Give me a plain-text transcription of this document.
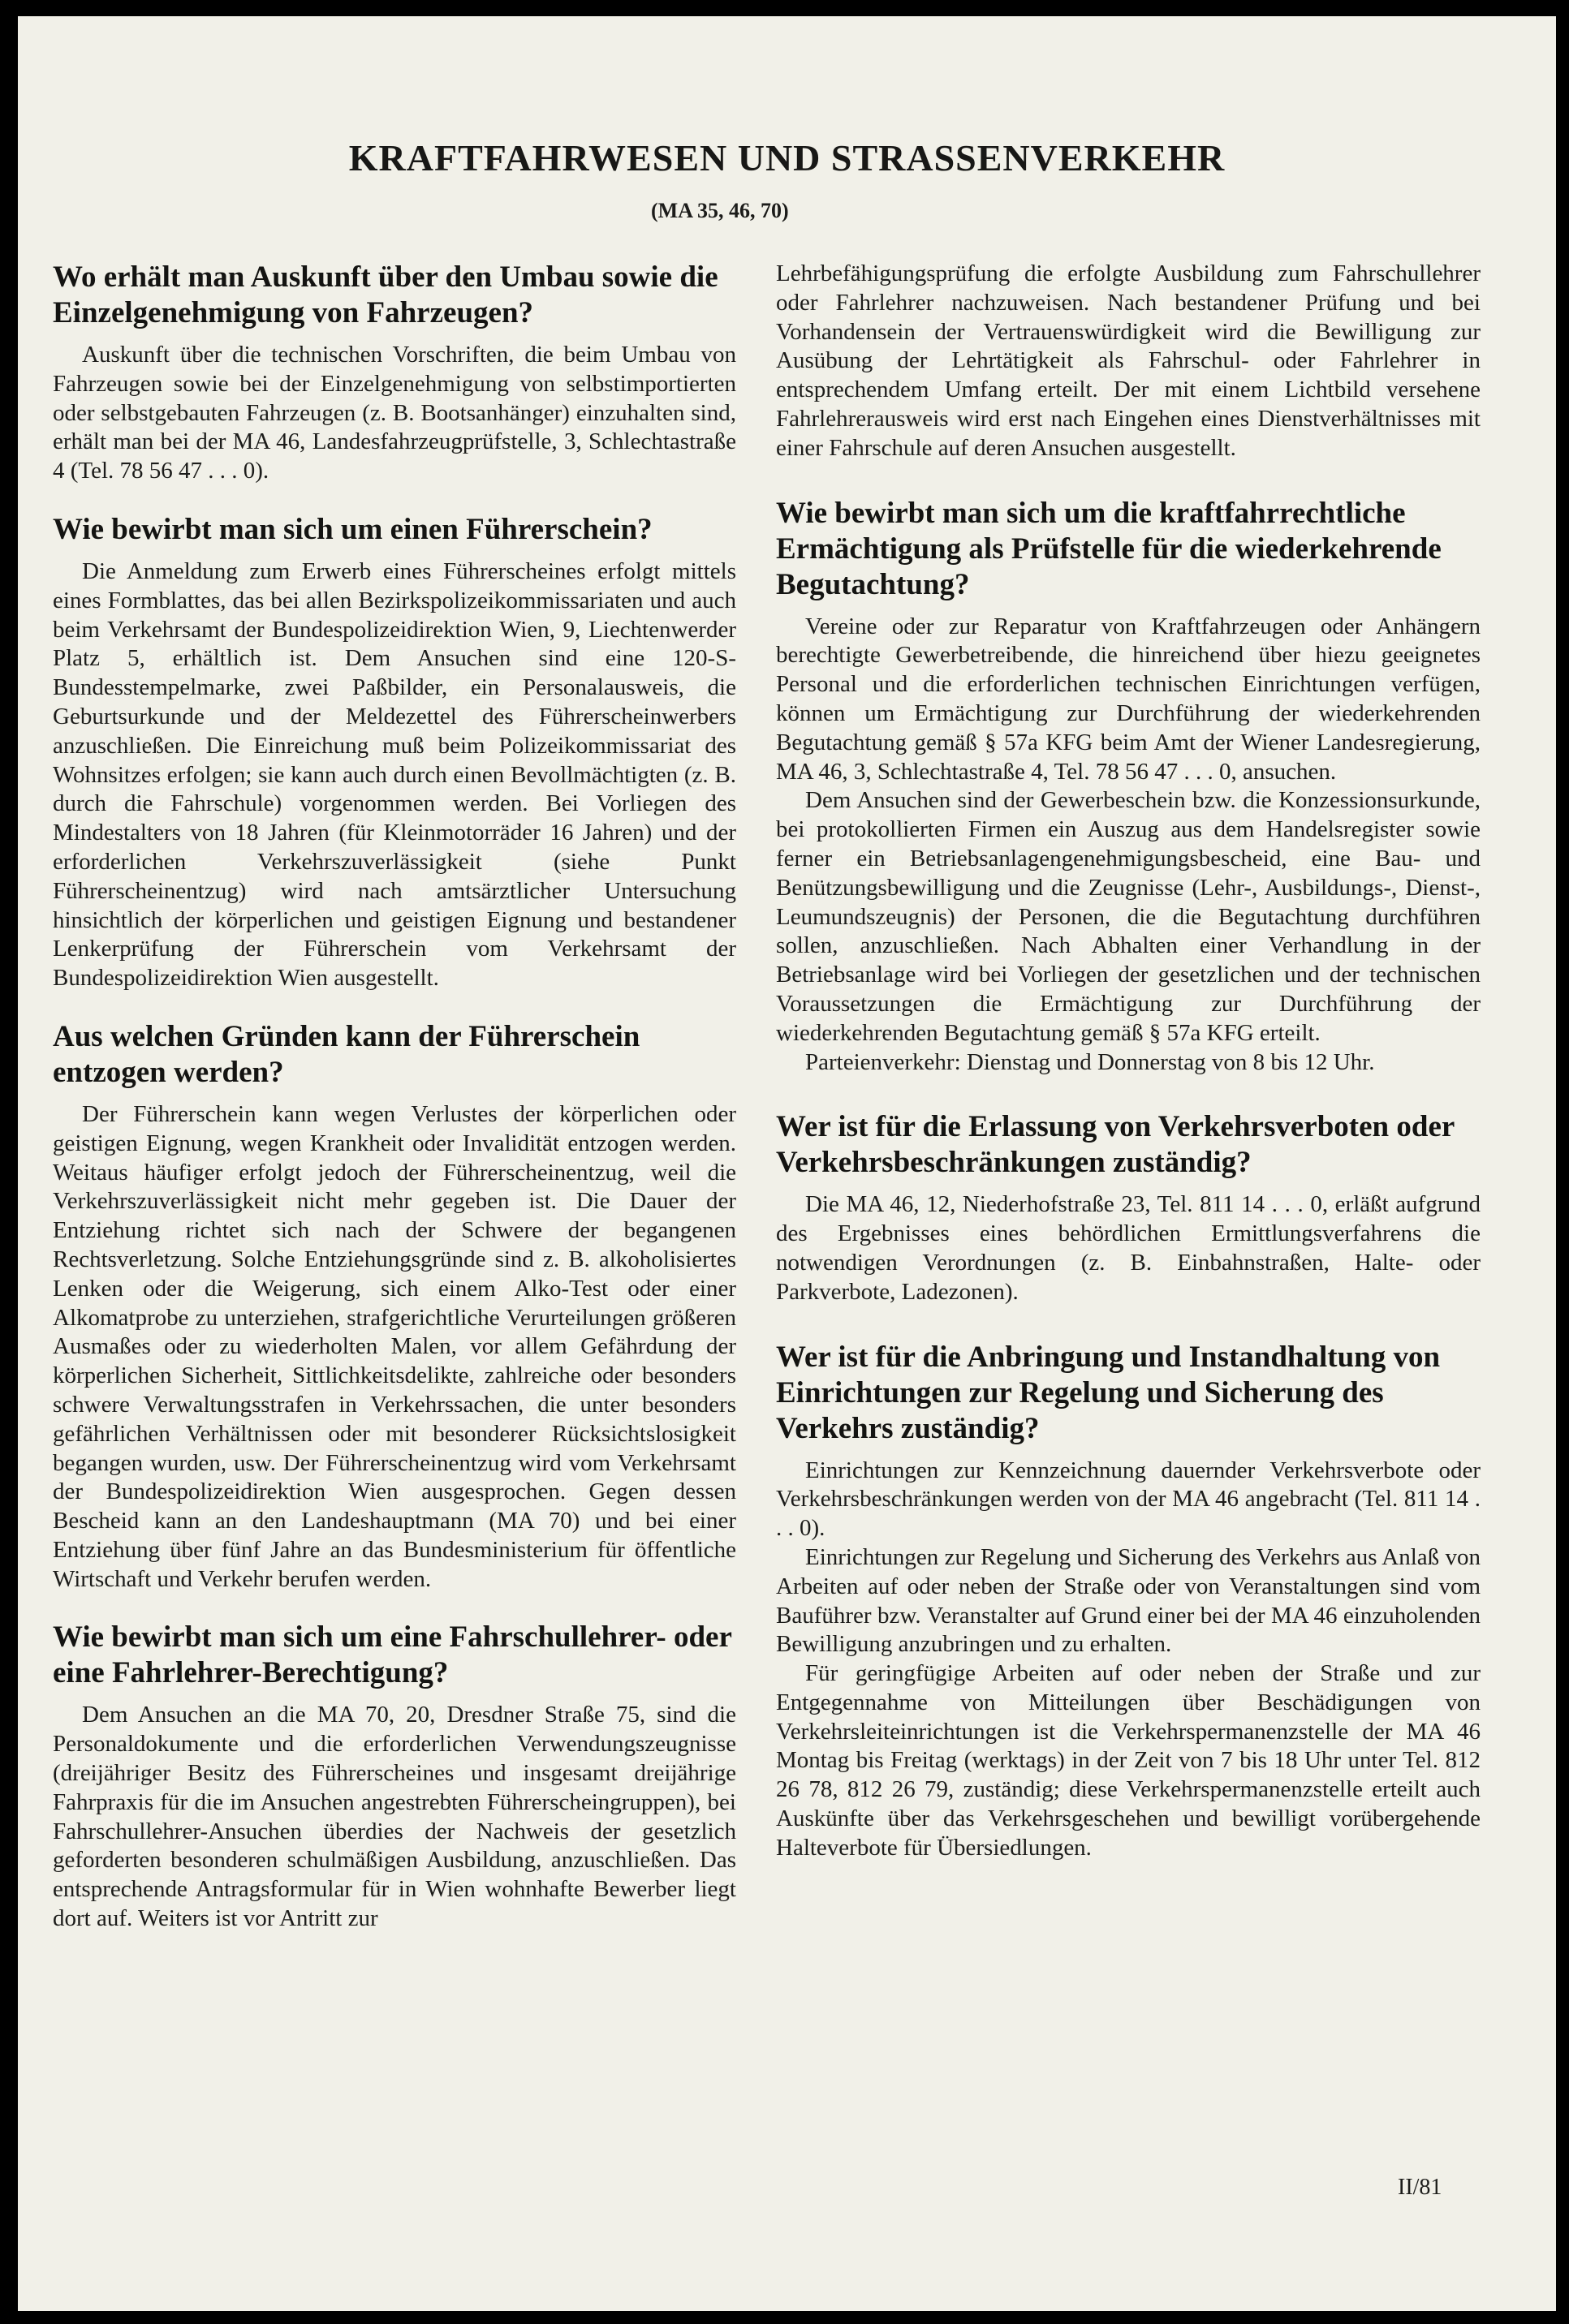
KRAFTFAHRWESEN UND STRASSENVERKEHR
(MA 35, 46, 70)
Wo erhält man Auskunft über den Umbau sowie die Einzelgenehmigung von Fahrzeugen?

Auskunft über die technischen Vorschriften, die beim Umbau von Fahrzeugen sowie bei der Einzelgenehmigung von selbstimportierten oder selbstgebauten Fahrzeugen (z. B. Bootsanhänger) einzuhalten sind, erhält man bei der MA 46, Landesfahrzeugprüfstelle, 3, Schlechtastraße 4 (Tel. 78 56 47 . . . 0).

Wie bewirbt man sich um einen Führerschein?

Die Anmeldung zum Erwerb eines Führerscheines erfolgt mittels eines Formblattes, das bei allen Bezirkspolizeikommissariaten und auch beim Verkehrsamt der Bundespolizeidirektion Wien, 9, Liechtenwerder Platz 5, erhältlich ist. Dem Ansuchen sind eine 120-S-Bundesstempelmarke, zwei Paßbilder, ein Personalausweis, die Geburtsurkunde und der Meldezettel des Führerscheinwerbers anzuschließen. Die Einreichung muß beim Polizeikommissariat des Wohnsitzes erfolgen; sie kann auch durch einen Bevollmächtigten (z. B. durch die Fahrschule) vorgenommen werden. Bei Vorliegen des Mindestalters von 18 Jahren (für Kleinmotorräder 16 Jahren) und der erforderlichen Verkehrszuverlässigkeit (siehe Punkt Führerscheinentzug) wird nach amtsärztlicher Untersuchung hinsichtlich der körperlichen und geistigen Eignung und bestandener Lenkerprüfung der Führerschein vom Verkehrsamt der Bundespolizeidirektion Wien ausgestellt.

Aus welchen Gründen kann der Führerschein entzogen werden?

Der Führerschein kann wegen Verlustes der körperlichen oder geistigen Eignung, wegen Krankheit oder Invalidität entzogen werden. Weitaus häufiger erfolgt jedoch der Führerscheinentzug, weil die Verkehrszuverlässigkeit nicht mehr gegeben ist. Die Dauer der Entziehung richtet sich nach der Schwere der begangenen Rechtsverletzung. Solche Entziehungsgründe sind z. B. alkoholisiertes Lenken oder die Weigerung, sich einem Alko-Test oder einer Alkomatprobe zu unterziehen, strafgerichtliche Verurteilungen größeren Ausmaßes oder zu wiederholten Malen, vor allem Gefährdung der körperlichen Sicherheit, Sittlichkeitsdelikte, zahlreiche oder besonders schwere Verwaltungsstrafen in Verkehrssachen, die unter besonders gefährlichen Verhältnissen oder mit besonderer Rücksichtslosigkeit begangen wurden, usw. Der Führerscheinentzug wird vom Verkehrsamt der Bundespolizeidirektion Wien ausgesprochen. Gegen dessen Bescheid kann an den Landeshauptmann (MA 70) und bei einer Entziehung über fünf Jahre an das Bundesministerium für öffentliche Wirtschaft und Verkehr berufen werden.

Wie bewirbt man sich um eine Fahrschullehrer- oder eine Fahrlehrer-Berechtigung?

Dem Ansuchen an die MA 70, 20, Dresdner Straße 75, sind die Personaldokumente und die erforderlichen Verwendungszeugnisse (dreijähriger Besitz des Führerscheines und insgesamt dreijährige Fahrpraxis für die im Ansuchen angestrebten Führerscheingruppen), bei Fahrschullehrer-Ansuchen überdies der Nachweis der gesetzlich geforderten besonderen schulmäßigen Ausbildung, anzuschließen. Das entsprechende Antragsformular für in Wien wohnhafte Bewerber liegt dort auf. Weiters ist vor Antritt zur

Lehrbefähigungsprüfung die erfolgte Ausbildung zum Fahrschullehrer oder Fahrlehrer nachzuweisen. Nach bestandener Prüfung und bei Vorhandensein der Vertrauenswürdigkeit wird die Bewilligung zur Ausübung der Lehrtätigkeit als Fahrschul- oder Fahrlehrer in entsprechendem Umfang erteilt. Der mit einem Lichtbild versehene Fahrlehrerausweis wird erst nach Eingehen eines Dienstverhältnisses mit einer Fahrschule auf deren Ansuchen ausgestellt.

Wie bewirbt man sich um die kraftfahrrechtliche Ermächtigung als Prüfstelle für die wiederkehrende Begutachtung?

Vereine oder zur Reparatur von Kraftfahrzeugen oder Anhängern berechtigte Gewerbetreibende, die hinreichend über hiezu geeignetes Personal und die erforderlichen technischen Einrichtungen verfügen, können um Ermächtigung zur Durchführung der wiederkehrenden Begutachtung gemäß § 57a KFG beim Amt der Wiener Landesregierung, MA 46, 3, Schlechtastraße 4, Tel. 78 56 47 . . . 0, ansuchen.

Dem Ansuchen sind der Gewerbeschein bzw. die Konzessionsurkunde, bei protokollierten Firmen ein Auszug aus dem Handelsregister sowie ferner ein Betriebsanlagengenehmigungsbescheid, eine Bau- und Benützungsbewilligung und die Zeugnisse (Lehr-, Ausbildungs-, Dienst-, Leumundszeugnis) der Personen, die die Begutachtung durchführen sollen, anzuschließen. Nach Abhalten einer Verhandlung in der Betriebsanlage wird bei Vorliegen der gesetzlichen und der technischen Voraussetzungen die Ermächtigung zur Durchführung der wiederkehrenden Begutachtung gemäß § 57a KFG erteilt.

Parteienverkehr: Dienstag und Donnerstag von 8 bis 12 Uhr.

Wer ist für die Erlassung von Verkehrsverboten oder Verkehrsbeschränkungen zuständig?

Die MA 46, 12, Niederhofstraße 23, Tel. 811 14 . . . 0, erläßt aufgrund des Ergebnisses eines behördlichen Ermittlungsverfahrens die notwendigen Verordnungen (z. B. Einbahnstraßen, Halte- oder Parkverbote, Ladezonen).

Wer ist für die Anbringung und Instandhaltung von Einrichtungen zur Regelung und Sicherung des Verkehrs zuständig?

Einrichtungen zur Kennzeichnung dauernder Verkehrsverbote oder Verkehrsbeschränkungen werden von der MA 46 angebracht (Tel. 811 14 . . . 0).

Einrichtungen zur Regelung und Sicherung des Verkehrs aus Anlaß von Arbeiten auf oder neben der Straße oder von Veranstaltungen sind vom Bauführer bzw. Veranstalter auf Grund einer bei der MA 46 einzuholenden Bewilligung anzubringen und zu erhalten.

Für geringfügige Arbeiten auf oder neben der Straße und zur Entgegennahme von Mitteilungen über Beschädigungen von Verkehrsleiteinrichtungen ist die Verkehrspermanenzstelle der MA 46 Montag bis Freitag (werktags) in der Zeit von 7 bis 18 Uhr unter Tel. 812 26 78, 812 26 79, zuständig; diese Verkehrspermanenzstelle erteilt auch Auskünfte über das Verkehrsgeschehen und bewilligt vorübergehende Halteverbote für Übersiedlungen.

II/81
